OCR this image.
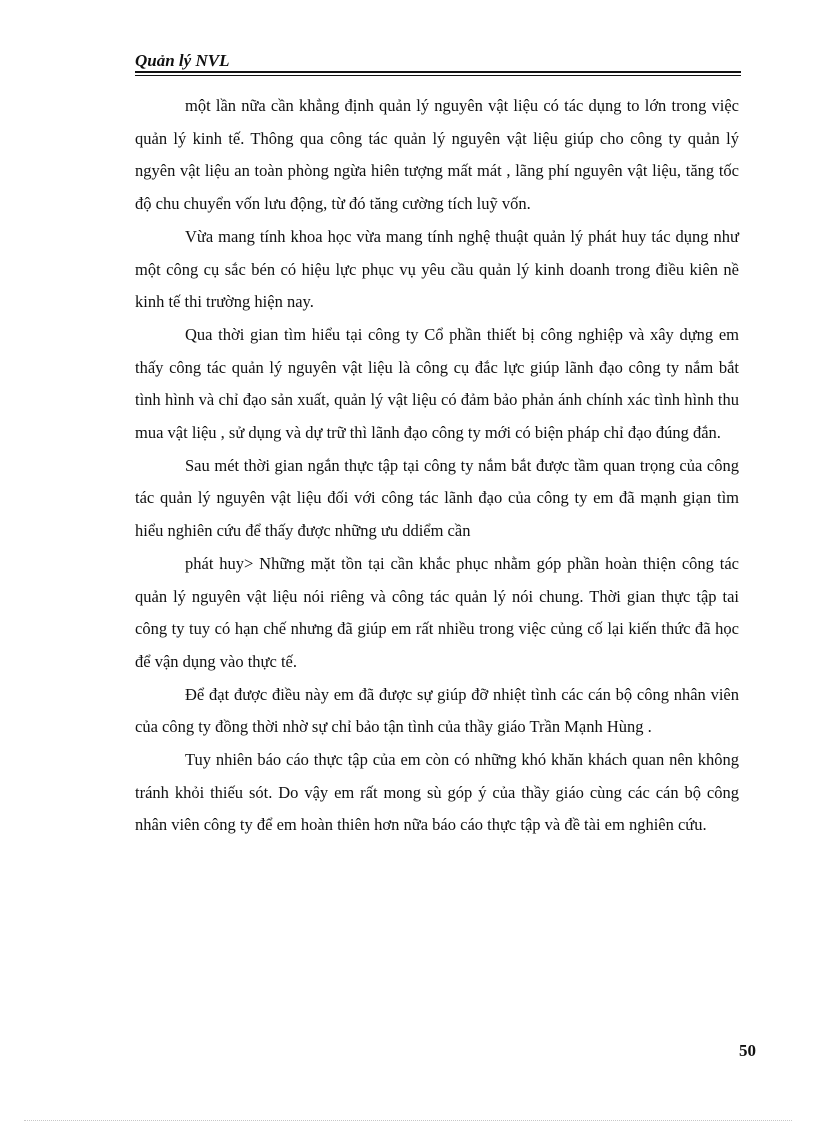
Quản lý NVL

một lần nữa cần khẳng định quản lý nguyên vật liệu có tác dụng to lớn trong việc quản lý kinh tế. Thông qua công tác quản lý nguyên vật liệu giúp cho công ty quản lý ngyên vật liệu an toàn phòng ngừa hiên tượng mất mát , lãng phí nguyên vật liệu, tăng tốc độ chu chuyển vốn lưu động, từ đó tăng cường tích luỹ vốn.

Vừa mang tính khoa học vừa mang tính nghệ thuật quản lý phát huy tác dụng như một công cụ sắc bén có hiệu lực phục vụ yêu cầu quản lý kinh doanh trong điều kiên nề kinh tế thi trường hiện nay.

Qua thời gian tìm hiểu tại công ty Cổ phần thiết bị công nghiệp và xây dựng em thấy công tác quản lý nguyên vật liệu là công cụ đắc lực giúp lãnh đạo công ty nắm bắt tình hình và chỉ đạo sản xuất, quản lý vật liệu có đảm bảo phản ánh chính xác tình hình thu mua vật liệu , sử dụng và dự trữ thì lãnh đạo công ty mới có biện pháp chỉ đạo đúng đắn.

Sau mét thời gian ngắn thực tập tại công ty nắm bắt được tầm quan trọng của công tác quản lý nguyên vật liệu đối với công tác lãnh đạo của công ty em đã mạnh giạn tìm hiểu nghiên cứu để thấy được những ưu ddiểm cần

phát huy> Những mặt tồn tại cần khắc phục nhằm góp phần hoàn thiện công tác quản lý nguyên vật liệu nói riêng và công tác quản lý nói chung. Thời gian thực tập tai công ty tuy có hạn chế nhưng đã giúp em rất nhiều trong việc củng cố lại kiến thức đã học để vận dụng vào thực tế.

Để đạt được điều này em đã được sự giúp đỡ nhiệt tình các cán bộ công nhân viên của công ty đồng thời nhờ sự chỉ bảo tận tình của thầy giáo Trần Mạnh Hùng .

Tuy nhiên báo cáo thực tập của em còn có những khó khăn khách quan nên không tránh khỏi thiếu sót. Do vậy em rất mong sù góp ý của thầy giáo cùng các cán bộ công nhân viên công ty để em hoàn thiên hơn nữa báo cáo thực tập và đề tài em nghiên cứu.

50
